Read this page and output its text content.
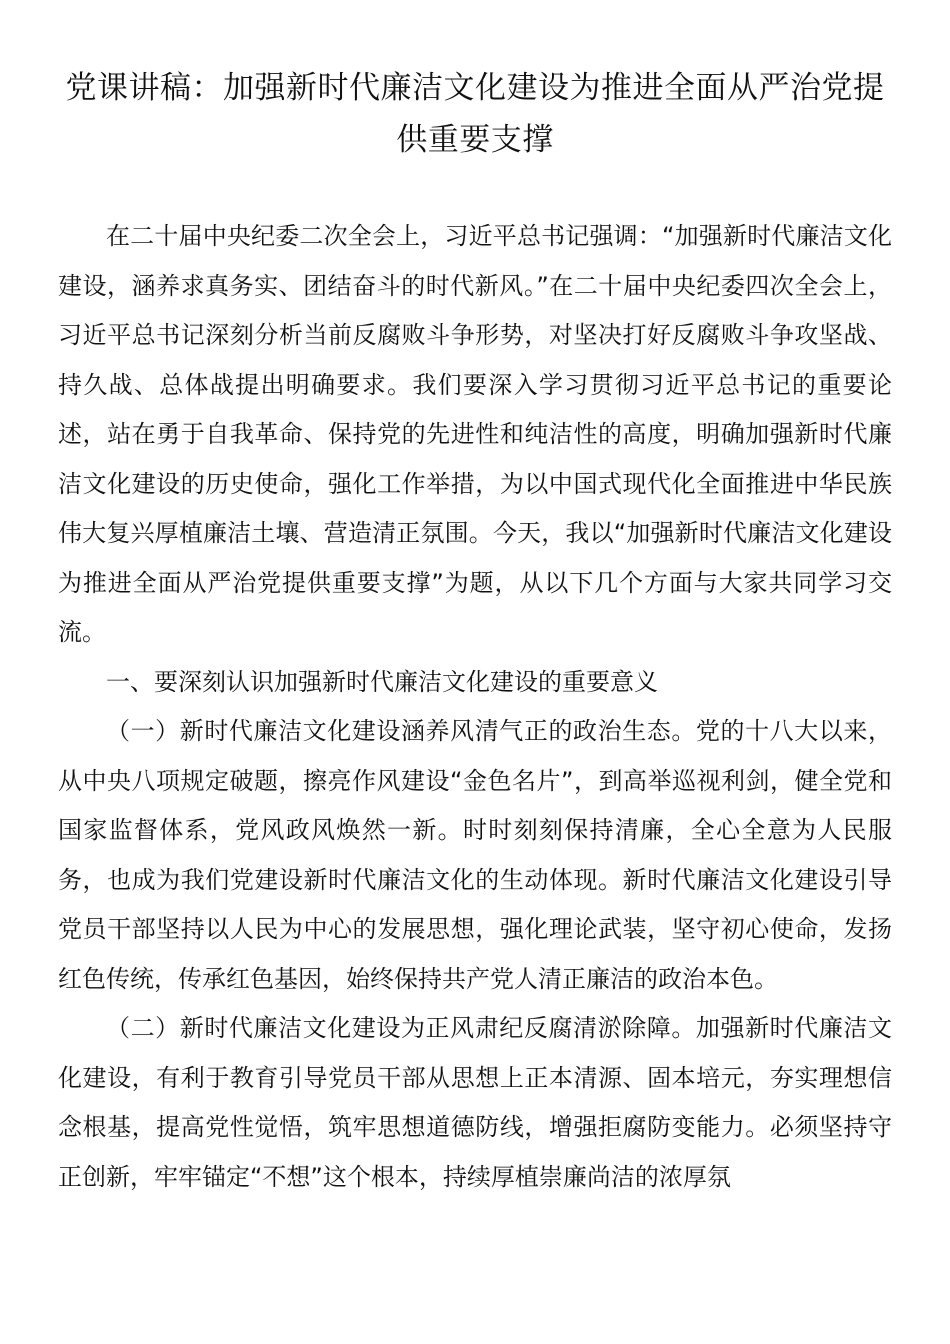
党课讲稿：加强新时代廉洁文化建设为推进全面从严治党提供重要支撑

在二十届中央纪委二次全会上，习近平总书记强调：“加强新时代廉洁文化建设，涵养求真务实、团结奋斗的时代新风。”在二十届中央纪委四次全会上，习近平总书记深刻分析当前反腐败斗争形势，对坚决打好反腐败斗争攻坚战、持久战、总体战提出明确要求。我们要深入学习贯彻习近平总书记的重要论述，站在勇于自我革命、保持党的先进性和纯洁性的高度，明确加强新时代廉洁文化建设的历史使命，强化工作举措，为以中国式现代化全面推进中华民族伟大复兴厚植廉洁土壤、营造清正氛围。今天，我以“加强新时代廉洁文化建设为推进全面从严治党提供重要支撑”为题，从以下几个方面与大家共同学习交流。

一、要深刻认识加强新时代廉洁文化建设的重要意义

（一）新时代廉洁文化建设涵养风清气正的政治生态。党的十八大以来，从中央八项规定破题，擦亮作风建设“金色名片”，到高举巡视利剑，健全党和国家监督体系，党风政风焕然一新。时时刻刻保持清廉，全心全意为人民服务，也成为我们党建设新时代廉洁文化的生动体现。新时代廉洁文化建设引导党员干部坚持以人民为中心的发展思想，强化理论武装，坚守初心使命，发扬红色传统，传承红色基因，始终保持共产党人清正廉洁的政治本色。

（二）新时代廉洁文化建设为正风肃纪反腐清淤除障。加强新时代廉洁文化建设，有利于教育引导党员干部从思想上正本清源、固本培元，夯实理想信念根基，提高党性觉悟，筑牢思想道德防线，增强拒腐防变能力。必须坚持守正创新，牢牢锚定“不想”这个根本，持续厚植崇廉尚洁的浓厚氛
